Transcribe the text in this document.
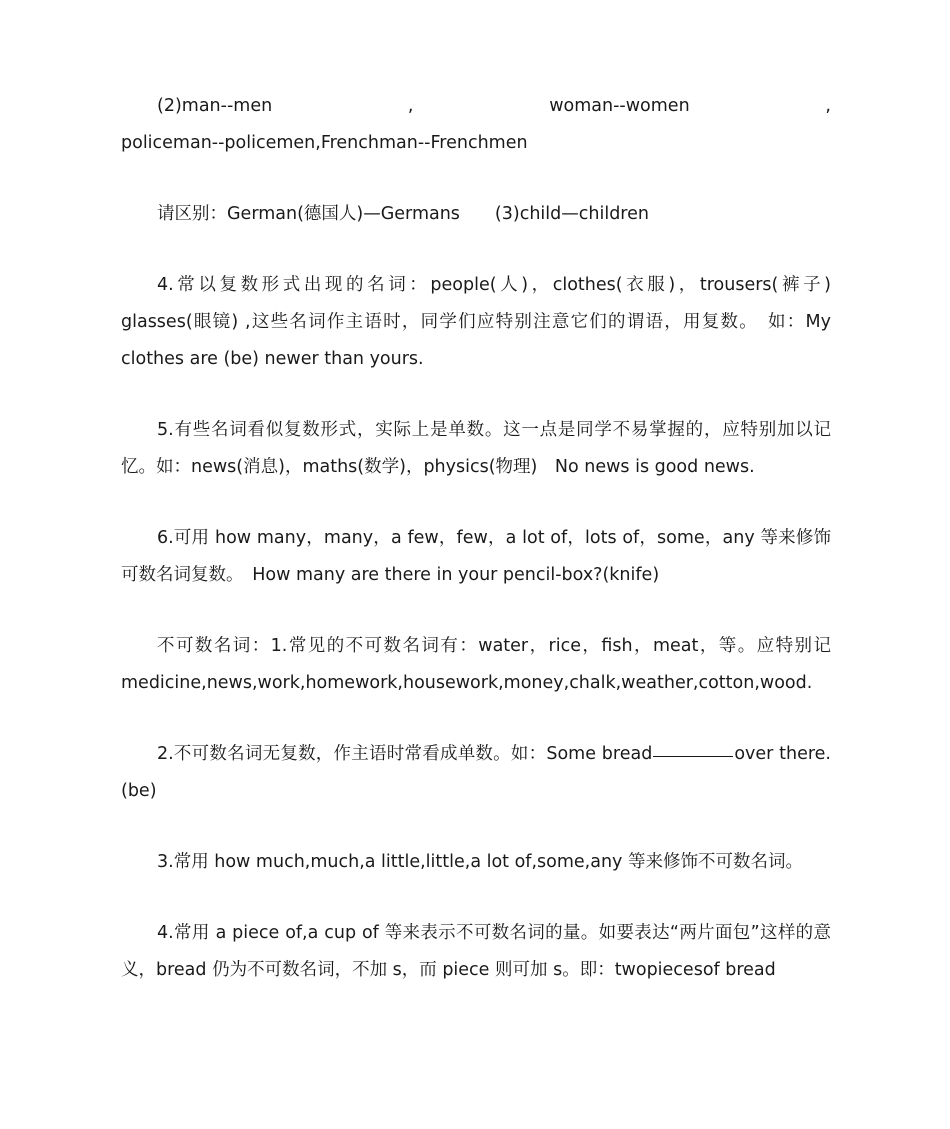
(2)man--men	,	woman--women	,
policeman--policemen,Frenchman--Frenchmen

请区别：German(德国人)—Germans　　(3)child—children

4.常以复数形式出现的名词：people(人)，clothes(衣服)，trousers(裤子) glasses(眼镜) ,这些名词作主语时，同学们应特别注意它们的谓语，用复数。　如：My clothes are (be) newer than yours.

5.有些名词看似复数形式，实际上是单数。这一点是同学不易掌握的，应特别加以记忆。如：news(消息)，maths(数学)，physics(物理)　No news is good news.

6.可用 how many，many，a few，few，a lot of，lots of，some，any 等来修饰可数名词复数。　How many are there in your pencil-box?(knife)

不可数名词：1.常见的不可数名词有：water，rice，fish，meat，等。应特别记medicine,news,work,homework,housework,money,chalk,weather,cotton,wood.

2.不可数名词无复数，作主语时常看成单数。如：Some bread	over there.(be)

3.常用 how much,much,a little,little,a lot of,some,any 等来修饰不可数名词。

4.常用 a piece of,a cup of 等来表示不可数名词的量。如要表达“两片面包”这样的意义，bread 仍为不可数名词，不加 s，而 piece 则可加 s。即：twopiecesof bread
